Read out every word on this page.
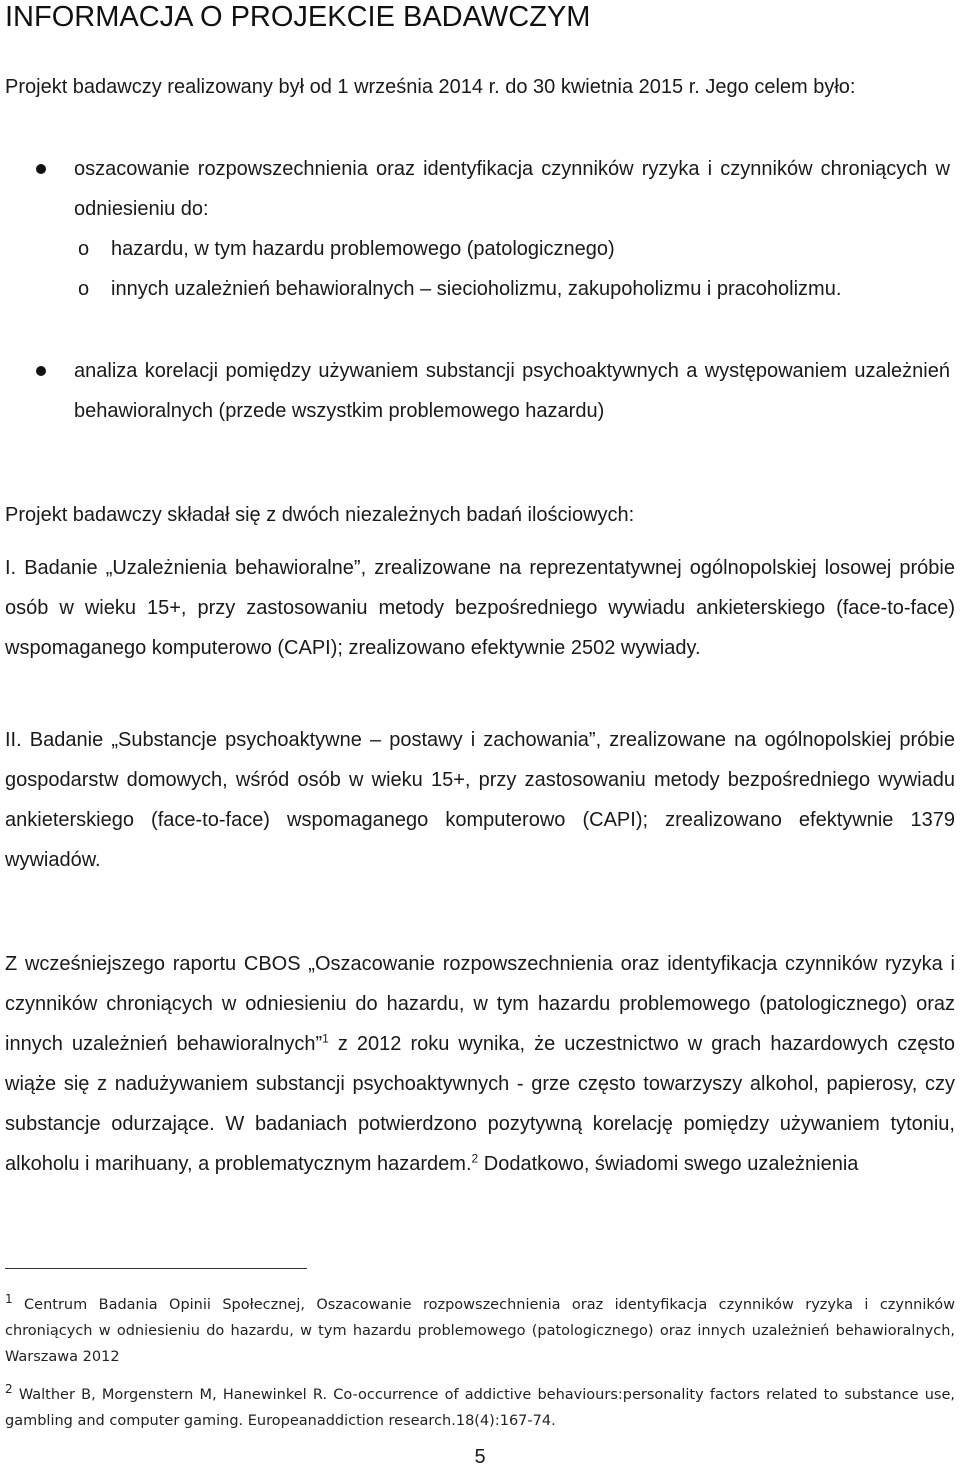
INFORMACJA O PROJEKCIE BADAWCZYM

Projekt badawczy realizowany był od 1 września 2014 r. do 30 kwietnia 2015 r. Jego celem było:

oszacowanie rozpowszechnienia oraz identyfikacja czynników ryzyka i czynników chroniących w odniesieniu do:

o hazardu, w tym hazardu problemowego (patologicznego)

o innych uzależnień behawioralnych – siecioholizmu, zakupoholizmu i pracoholizmu.

analiza korelacji pomiędzy używaniem substancji psychoaktywnych a występowaniem uzależnień behawioralnych (przede wszystkim problemowego hazardu)

Projekt badawczy składał się z dwóch niezależnych badań ilościowych:

I. Badanie „Uzależnienia behawioralne”, zrealizowane na reprezentatywnej ogólnopolskiej losowej próbie osób w wieku 15+, przy zastosowaniu metody bezpośredniego wywiadu ankieterskiego (face-to-face) wspomaganego komputerowo (CAPI); zrealizowano efektywnie 2502 wywiady.

II. Badanie „Substancje psychoaktywne – postawy i zachowania”, zrealizowane na ogólnopolskiej próbie gospodarstw domowych, wśród osób w wieku 15+, przy zastosowaniu metody bezpośredniego wywiadu ankieterskiego (face-to-face) wspomaganego komputerowo (CAPI); zrealizowano efektywnie 1379 wywiadów.

Z wcześniejszego raportu CBOS „Oszacowanie rozpowszechnienia oraz identyfikacja czynników ryzyka i czynników chroniących w odniesieniu do hazardu, w tym hazardu problemowego (patologicznego) oraz innych uzależnień behawioralnych”$^1$ z 2012 roku wynika, że uczestnictwo w grach hazardowych często wiąże się z nadużywaniem substancji psychoaktywnych - grze często towarzyszy alkohol, papierosy, czy substancje odurzające. W badaniach potwierdzono pozytywną korelację pomiędzy używaniem tytoniu, alkoholu i marihuany, a problematycznym hazardem.$^2$ Dodatkowo, świadomi swego uzależnienia

$^1$ Centrum Badania Opinii Społecznej, Oszacowanie rozpowszechnienia oraz identyfikacja czynników ryzyka i czynników chroniących w odniesieniu do hazardu, w tym hazardu problemowego (patologicznego) oraz innych uzależnień behawioralnych, Warszawa 2012

$^2$ Walther B, Morgenstern M, Hanewinkel R. Co-occurrence of addictive behaviours:personality factors related to substance use, gambling and computer gaming. Europeanaddiction research.18(4):167-74.

5
